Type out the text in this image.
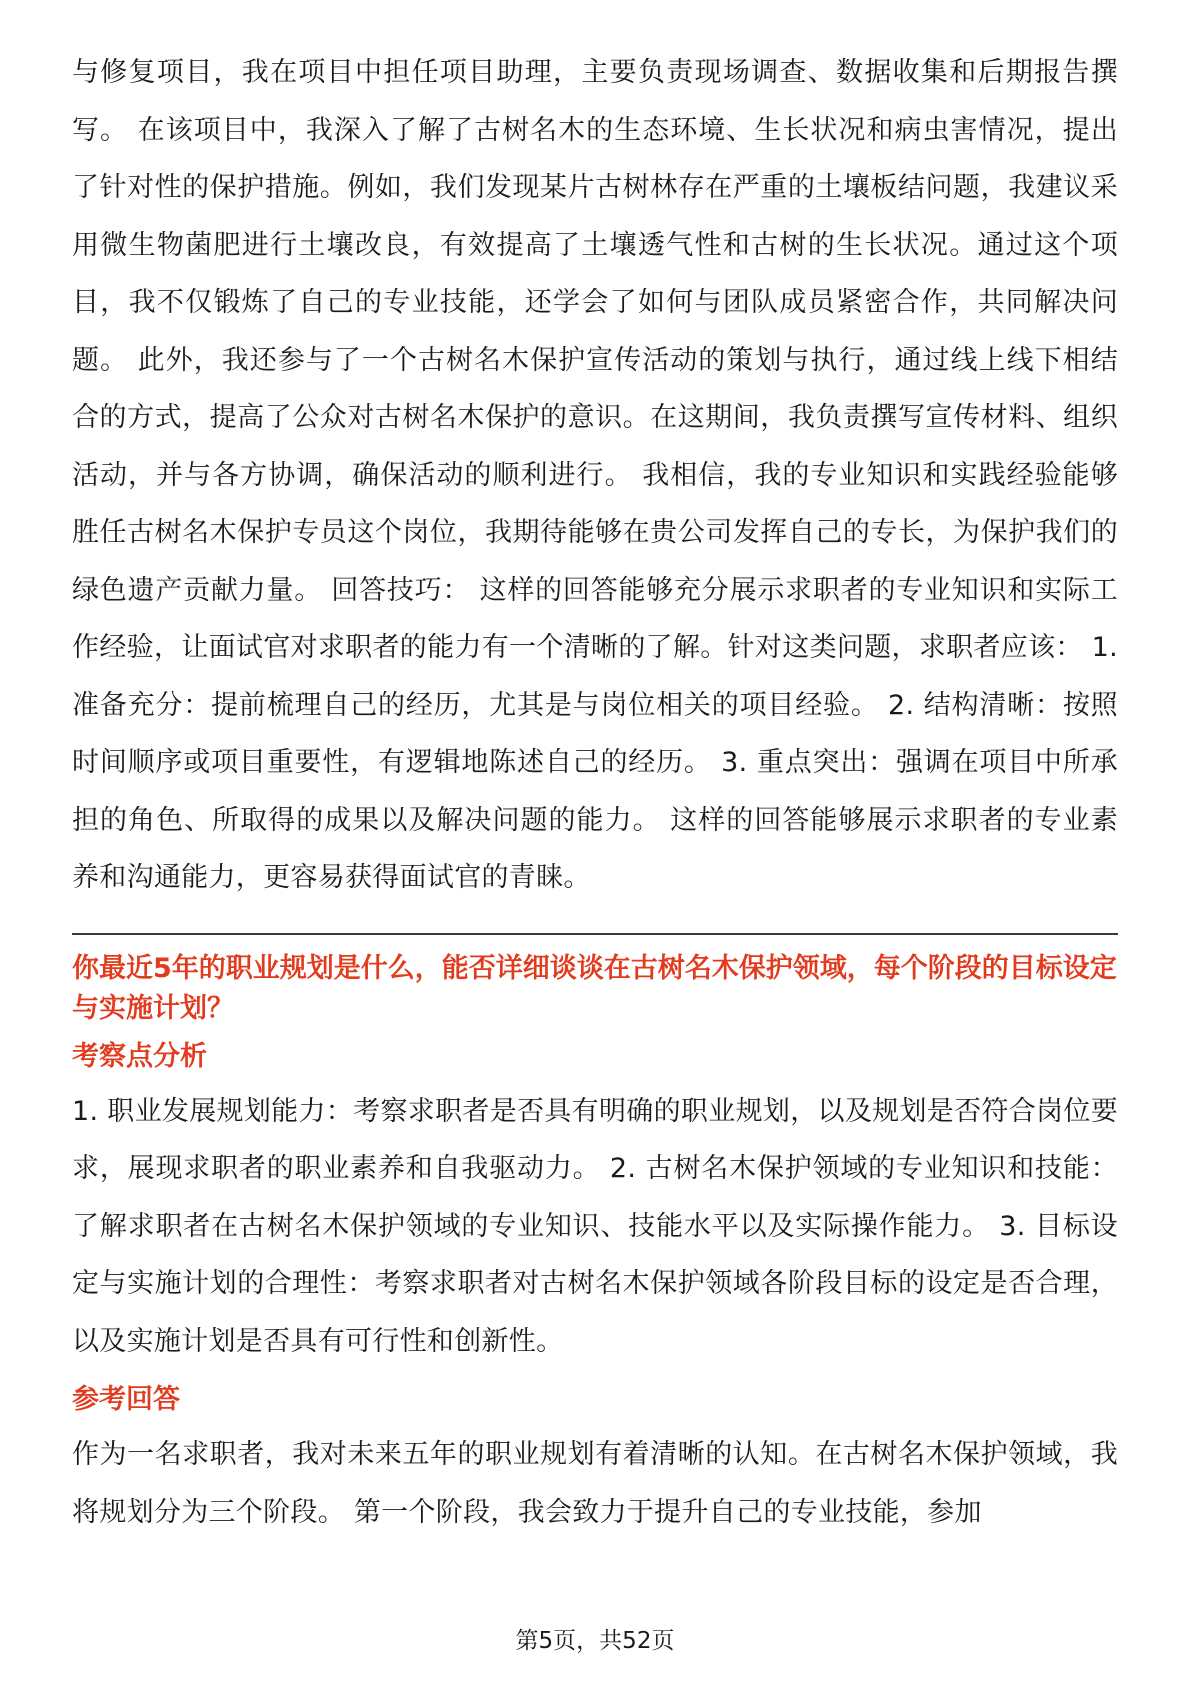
与修复项目，我在项目中担任项目助理，主要负责现场调查、数据收集和后期报告撰写。 在该项目中，我深入了解了古树名木的生态环境、生长状况和病虫害情况，提出了针对性的保护措施。例如，我们发现某片古树林存在严重的土壤板结问题，我建议采用微生物菌肥进行土壤改良，有效提高了土壤透气性和古树的生长状况。通过这个项目，我不仅锻炼了自己的专业技能，还学会了如何与团队成员紧密合作，共同解决问题。 此外，我还参与了一个古树名木保护宣传活动的策划与执行，通过线上线下相结合的方式，提高了公众对古树名木保护的意识。在这期间，我负责撰写宣传材料、组织活动，并与各方协调，确保活动的顺利进行。 我相信，我的专业知识和实践经验能够胜任古树名木保护专员这个岗位，我期待能够在贵公司发挥自己的专长，为保护我们的绿色遗产贡献力量。 回答技巧： 这样的回答能够充分展示求职者的专业知识和实际工作经验，让面试官对求职者的能力有一个清晰的了解。针对这类问题，求职者应该： 1. 准备充分：提前梳理自己的经历，尤其是与岗位相关的项目经验。 2. 结构清晰：按照时间顺序或项目重要性，有逻辑地陈述自己的经历。 3. 重点突出：强调在项目中所承担的角色、所取得的成果以及解决问题的能力。 这样的回答能够展示求职者的专业素养和沟通能力，更容易获得面试官的青睐。

你最近5年的职业规划是什么，能否详细谈谈在古树名木保护领域，每个阶段的目标设定与实施计划？

考察点分析

1. 职业发展规划能力：考察求职者是否具有明确的职业规划，以及规划是否符合岗位要求，展现求职者的职业素养和自我驱动力。 2. 古树名木保护领域的专业知识和技能：了解求职者在古树名木保护领域的专业知识、技能水平以及实际操作能力。 3. 目标设定与实施计划的合理性：考察求职者对古树名木保护领域各阶段目标的设定是否合理，以及实施计划是否具有可行性和创新性。

参考回答

作为一名求职者，我对未来五年的职业规划有着清晰的认知。在古树名木保护领域，我将规划分为三个阶段。 第一个阶段，我会致力于提升自己的专业技能，参加

第5页，共52页
